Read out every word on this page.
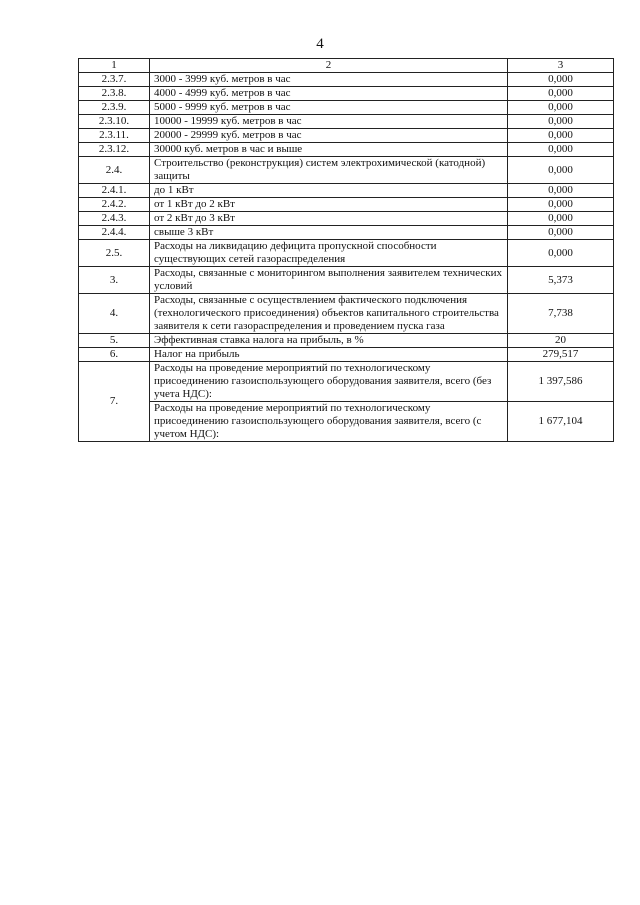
4
1	2	3
2.3.7.	3000 - 3999 куб. метров в час	0,000
2.3.8.	4000 - 4999 куб. метров в час	0,000
2.3.9.	5000 - 9999 куб. метров в час	0,000
2.3.10.	10000 - 19999 куб. метров в час	0,000
2.3.11.	20000 - 29999 куб. метров в час	0,000
2.3.12.	30000 куб. метров в час и выше	0,000
2.4.	Строительство (реконструкция) систем электрохимической (катодной) защиты	0,000
2.4.1.	до 1 кВт	0,000
2.4.2.	от 1 кВт до 2 кВт	0,000
2.4.3.	от 2 кВт до 3 кВт	0,000
2.4.4.	свыше 3 кВт	0,000
2.5.	Расходы на ликвидацию дефицита пропускной способности существующих сетей газораспределения	0,000
3.	Расходы, связанные с мониторингом выполнения заявителем технических условий	5,373
4.	Расходы, связанные с осуществлением фактического подключения (технологического присоединения) объектов капитального строительства заявителя к сети газораспределения и проведением пуска газа	7,738
5.	Эффективная ставка налога на прибыль, в %	20
6.	Налог на прибыль	279,517
7.	Расходы на проведение мероприятий по технологическому присоединению газоиспользующего оборудования заявителя, всего (без учета НДС):	1 397,586
	Расходы на проведение мероприятий по технологическому присоединению газоиспользующего оборудования заявителя, всего (с учетом НДС):	1 677,104
